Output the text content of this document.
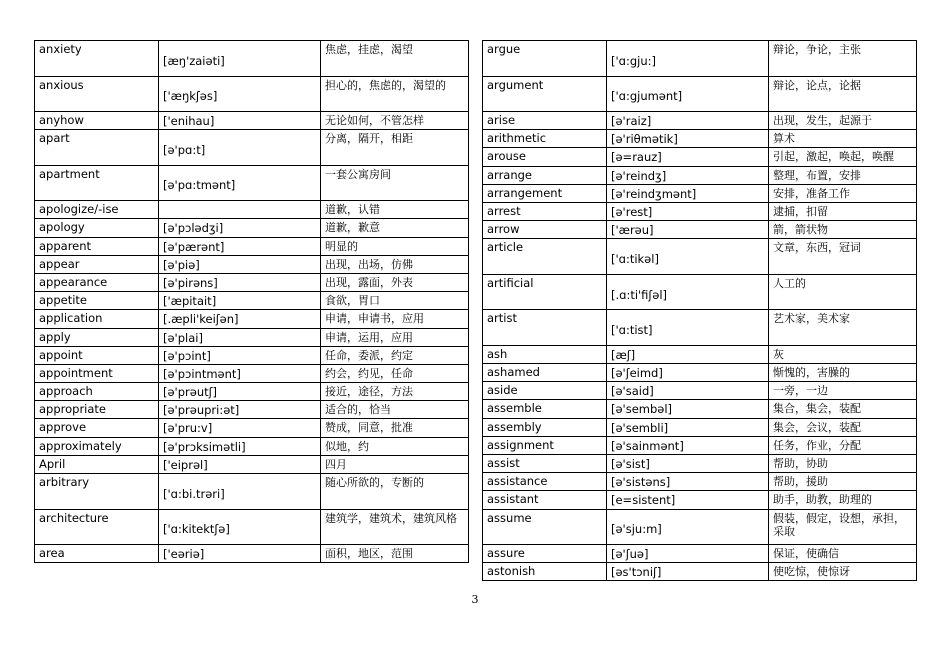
anxiety	[æŋ'zaiəti]	焦虑，挂虑，渴望
anxious	['æŋkʃəs]	担心的，焦虑的，渴望的
anyhow	['enihau]	无论如何，不管怎样
apart	[ə'pɑ:t]	分离，隔开，相距
apartment	[ə'pɑ:tmənt]	一套公寓房间
apologize/-ise		道歉，认错
apology	[ə'pɔlədʒi]	道歉，歉意
apparent	[ə'pærənt]	明显的
appear	[ə'piə]	出现，出场，仿佛
appearance	[ə'pirəns]	出现，露面，外表
appetite	['æpitait]	食欲，胃口
application	[.æpli'keiʃən]	申请，申请书，应用
apply	[ə'plai]	申请，运用，应用
appoint	[ə'pɔint]	任命，委派，约定
appointment	[ə'pɔintmənt]	约会，约见，任命
approach	[ə'prəutʃ]	接近，途径，方法
appropriate	[ə'prəupri:ət]	适合的，恰当
approve	[ə'pru:v]	赞成，同意，批准
approximately	[ə'prɔksimətli]	似地，约
April	['eiprəl]	四月
arbitrary	['ɑ:bi.trəri]	随心所欲的，专断的
architecture	['ɑ:kitektʃə]	建筑学，建筑术，建筑风格
area	['eəriə]	面积，地区，范围
argue	['ɑ:gju:]	辩论，争论，主张
argument	['ɑ:gjumənt]	辩论，论点，论据
arise	[ə'raiz]	出现，发生，起源于
arithmetic	[ə'riθmətik]	算术
arouse	[ə=rauz]	引起，激起，唤起，唤醒
arrange	[ə'reindʒ]	整理，布置，安排
arrangement	[ə'reindʒmənt]	安排，准备工作
arrest	[ə'rest]	逮捕，扣留
arrow	['ærəu]	箭，箭状物
article	['ɑ:tikəl]	文章，东西，冠词
artificial	[.ɑ:ti'fiʃəl]	人工的
artist	['ɑ:tist]	艺术家，美术家
ash	[æʃ]	灰
ashamed	[ə'ʃeimd]	惭愧的，害臊的
aside	[ə'said]	一旁，一边
assemble	[ə'sembəl]	集合，集会，装配
assembly	[ə'sembli]	集会，会议，装配
assignment	[ə'sainmənt]	任务，作业，分配
assist	[ə'sist]	帮助，协助
assistance	[ə'sistəns]	帮助，援助
assistant	[e=sistent]	助手，助教，助理的
assume	[ə'sju:m]	假装，假定，设想，承担，采取
assure	[ə'ʃuə]	保证，使确信
astonish	[əs'tɔniʃ]	使吃惊，使惊讶
3
